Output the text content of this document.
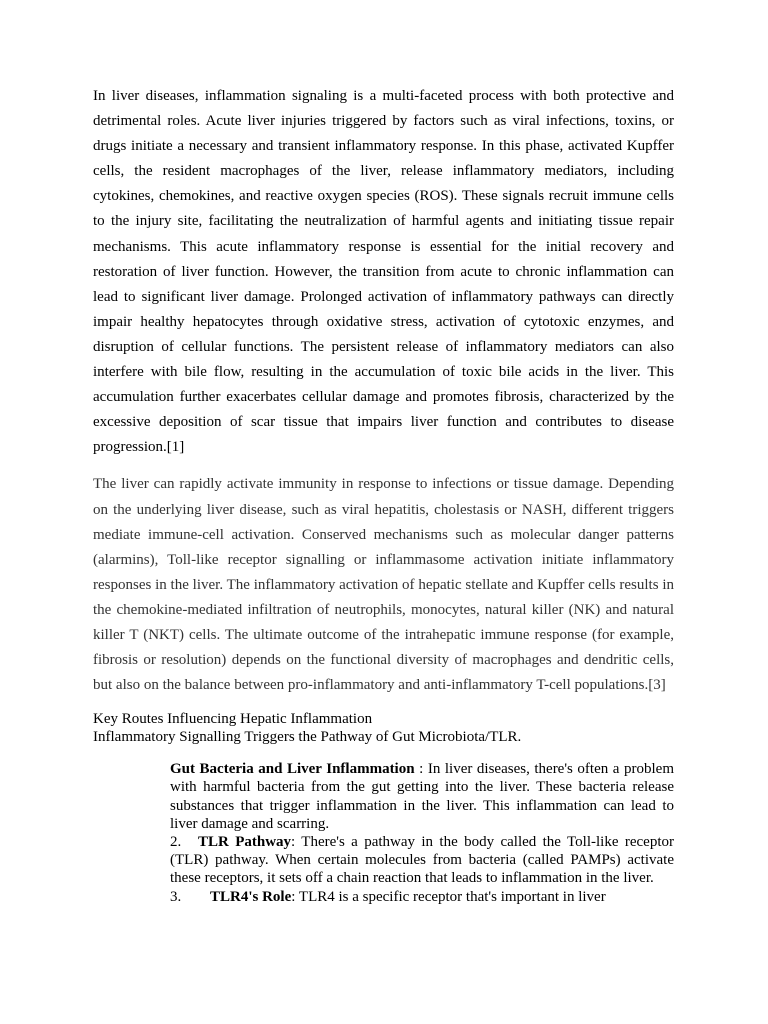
In liver diseases, inflammation signaling is a multi-faceted process with both protective and detrimental roles. Acute liver injuries triggered by factors such as viral infections, toxins, or drugs initiate a necessary and transient inflammatory response. In this phase, activated Kupffer cells, the resident macrophages of the liver, release inflammatory mediators, including cytokines, chemokines, and reactive oxygen species (ROS). These signals recruit immune cells to the injury site, facilitating the neutralization of harmful agents and initiating tissue repair mechanisms. This acute inflammatory response is essential for the initial recovery and restoration of liver function. However, the transition from acute to chronic inflammation can lead to significant liver damage. Prolonged activation of inflammatory pathways can directly impair healthy hepatocytes through oxidative stress, activation of cytotoxic enzymes, and disruption of cellular functions. The persistent release of inflammatory mediators can also interfere with bile flow, resulting in the accumulation of toxic bile acids in the liver. This accumulation further exacerbates cellular damage and promotes fibrosis, characterized by the excessive deposition of scar tissue that impairs liver function and contributes to disease progression.[1]

The liver can rapidly activate immunity in response to infections or tissue damage. Depending on the underlying liver disease, such as viral hepatitis, cholestasis or NASH, different triggers mediate immune-cell activation. Conserved mechanisms such as molecular danger patterns (alarmins), Toll-like receptor signalling or inflammasome activation initiate inflammatory responses in the liver. The inflammatory activation of hepatic stellate and Kupffer cells results in the chemokine-mediated infiltration of neutrophils, monocytes, natural killer (NK) and natural killer T (NKT) cells. The ultimate outcome of the intrahepatic immune response (for example, fibrosis or resolution) depends on the functional diversity of macrophages and dendritic cells, but also on the balance between pro-inflammatory and anti-inflammatory T-cell populations.[3]

Key Routes Influencing Hepatic Inflammation
Inflammatory Signalling Triggers the Pathway of Gut Microbiota/TLR.

Gut Bacteria and Liver Inflammation : In liver diseases, there's often a problem with harmful bacteria from the gut getting into the liver. These bacteria release substances that trigger inflammation in the liver. This inflammation can lead to liver damage and scarring.

2. TLR Pathway: There's a pathway in the body called the Toll-like receptor (TLR) pathway. When certain molecules from bacteria (called PAMPs) activate these receptors, it sets off a chain reaction that leads to inflammation in the liver.

3. TLR4's Role: TLR4 is a specific receptor that's important in liver
